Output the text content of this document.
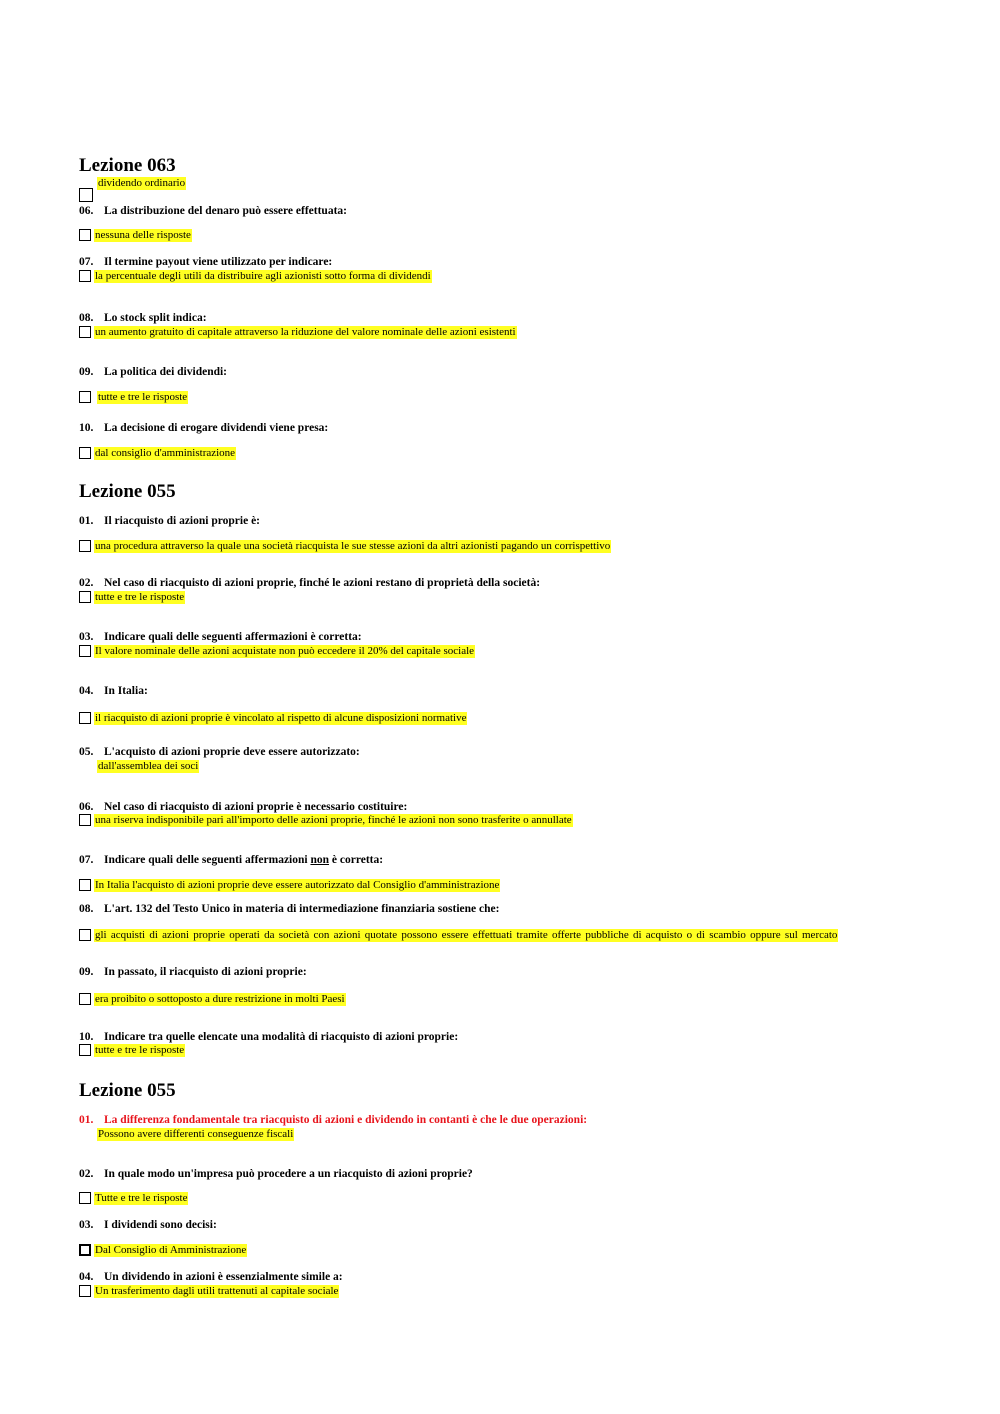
Lezione 063
dividendo ordinario
06. La distribuzione del denaro può essere effettuata:
nessuna delle risposte
07. Il termine payout viene utilizzato per indicare:
la percentuale degli utili da distribuire agli azionisti sotto forma di dividendi
08. Lo stock split indica:
un aumento gratuito di capitale attraverso la riduzione del valore nominale delle azioni esistenti
09. La politica dei dividendi:
tutte e tre le risposte
10. La decisione di erogare dividendi viene presa:
dal consiglio d'amministrazione
Lezione 055
01. Il riacquisto di azioni proprie è:
una procedura attraverso la quale una società riacquista le sue stesse azioni da altri azionisti pagando un corrispettivo
02. Nel caso di riacquisto di azioni proprie, finché le azioni restano di proprietà della società:
tutte e tre le risposte
03. Indicare quali delle seguenti affermazioni è corretta:
Il valore nominale delle azioni acquistate non può eccedere il 20% del capitale sociale
04. In Italia:
il riacquisto di azioni proprie è vincolato al rispetto di alcune disposizioni normative
05. L'acquisto di azioni proprie deve essere autorizzato:
dall'assemblea dei soci
06. Nel caso di riacquisto di azioni proprie è necessario costituire:
una riserva indisponibile pari all'importo delle azioni proprie, finché le azioni non sono trasferite o annullate
07. Indicare quali delle seguenti affermazioni non è corretta:
In Italia l'acquisto di azioni proprie deve essere autorizzato dal Consiglio d'amministrazione
08. L'art. 132 del Testo Unico in materia di intermediazione finanziaria sostiene che:
gli acquisti di azioni proprie operati da società con azioni quotate possono essere effettuati tramite offerte pubbliche di acquisto o di scambio oppure sul mercato
09. In passato, il riacquisto di azioni proprie:
era proibito o sottoposto a dure restrizione in molti Paesi
10. Indicare tra quelle elencate una modalità di riacquisto di azioni proprie:
tutte e tre le risposte
Lezione 055
01. La differenza fondamentale tra riacquisto di azioni e dividendo in contanti è che le due operazioni:
Possono avere differenti conseguenze fiscali
02. In quale modo un'impresa può procedere a un riacquisto di azioni proprie?
Tutte e tre le risposte
03. I dividendi sono decisi:
Dal Consiglio di Amministrazione
04. Un dividendo in azioni è essenzialmente simile a:
Un trasferimento dagli utili trattenuti al capitale sociale
